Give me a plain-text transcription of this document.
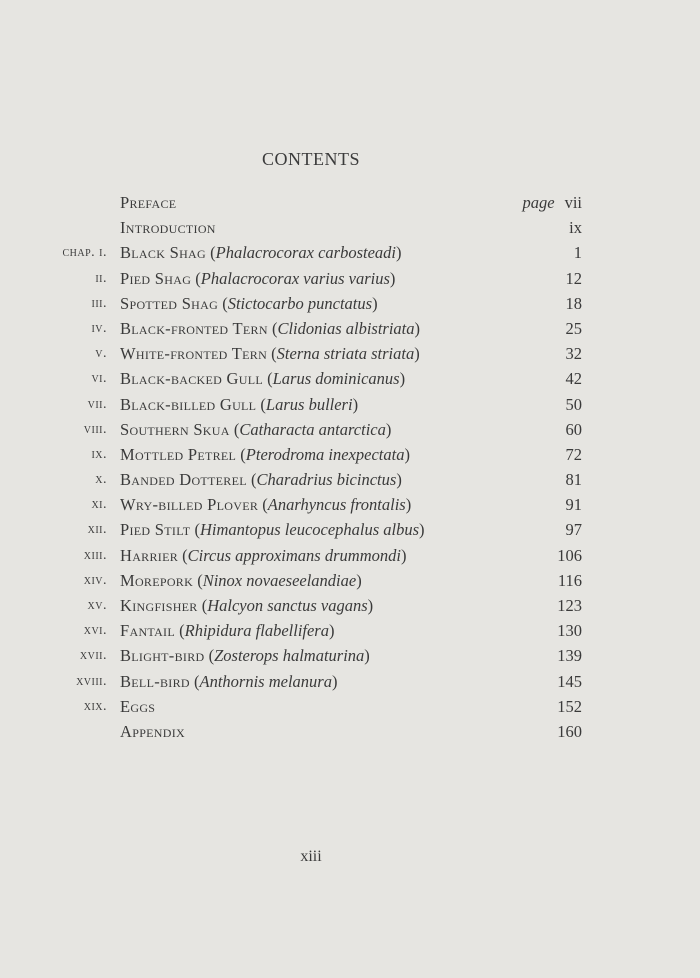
CONTENTS
Preface	page vii
Introduction	ix
chap. i. Black Shag (Phalacrocorax carbosteadi)	1
ii. Pied Shag (Phalacrocorax varius varius)	12
iii. Spotted Shag (Stictocarbo punctatus)	18
iv. Black-fronted Tern (Clidonias albistriata)	25
v. White-fronted Tern (Sterna striata striata)	32
vi. Black-backed Gull (Larus dominicanus)	42
vii. Black-billed Gull (Larus bulleri)	50
viii. Southern Skua (Catharacta antarctica)	60
ix. Mottled Petrel (Pterodroma inexpectata)	72
x. Banded Dotterel (Charadrius bicinctus)	81
xi. Wry-billed Plover (Anarhyncus frontalis)	91
xii. Pied Stilt (Himantopus leucocephalus albus)	97
xiii. Harrier (Circus approximans drummondi)	106
xiv. Morepork (Ninox novaeseelandiae)	116
xv. Kingfisher (Halcyon sanctus vagans)	123
xvi. Fantail (Rhipidura flabellifera)	130
xvii. Blight-bird (Zosterops halmaturina)	139
xviii. Bell-bird (Anthornis melanura)	145
xix. Eggs	152
Appendix	160
xiii
